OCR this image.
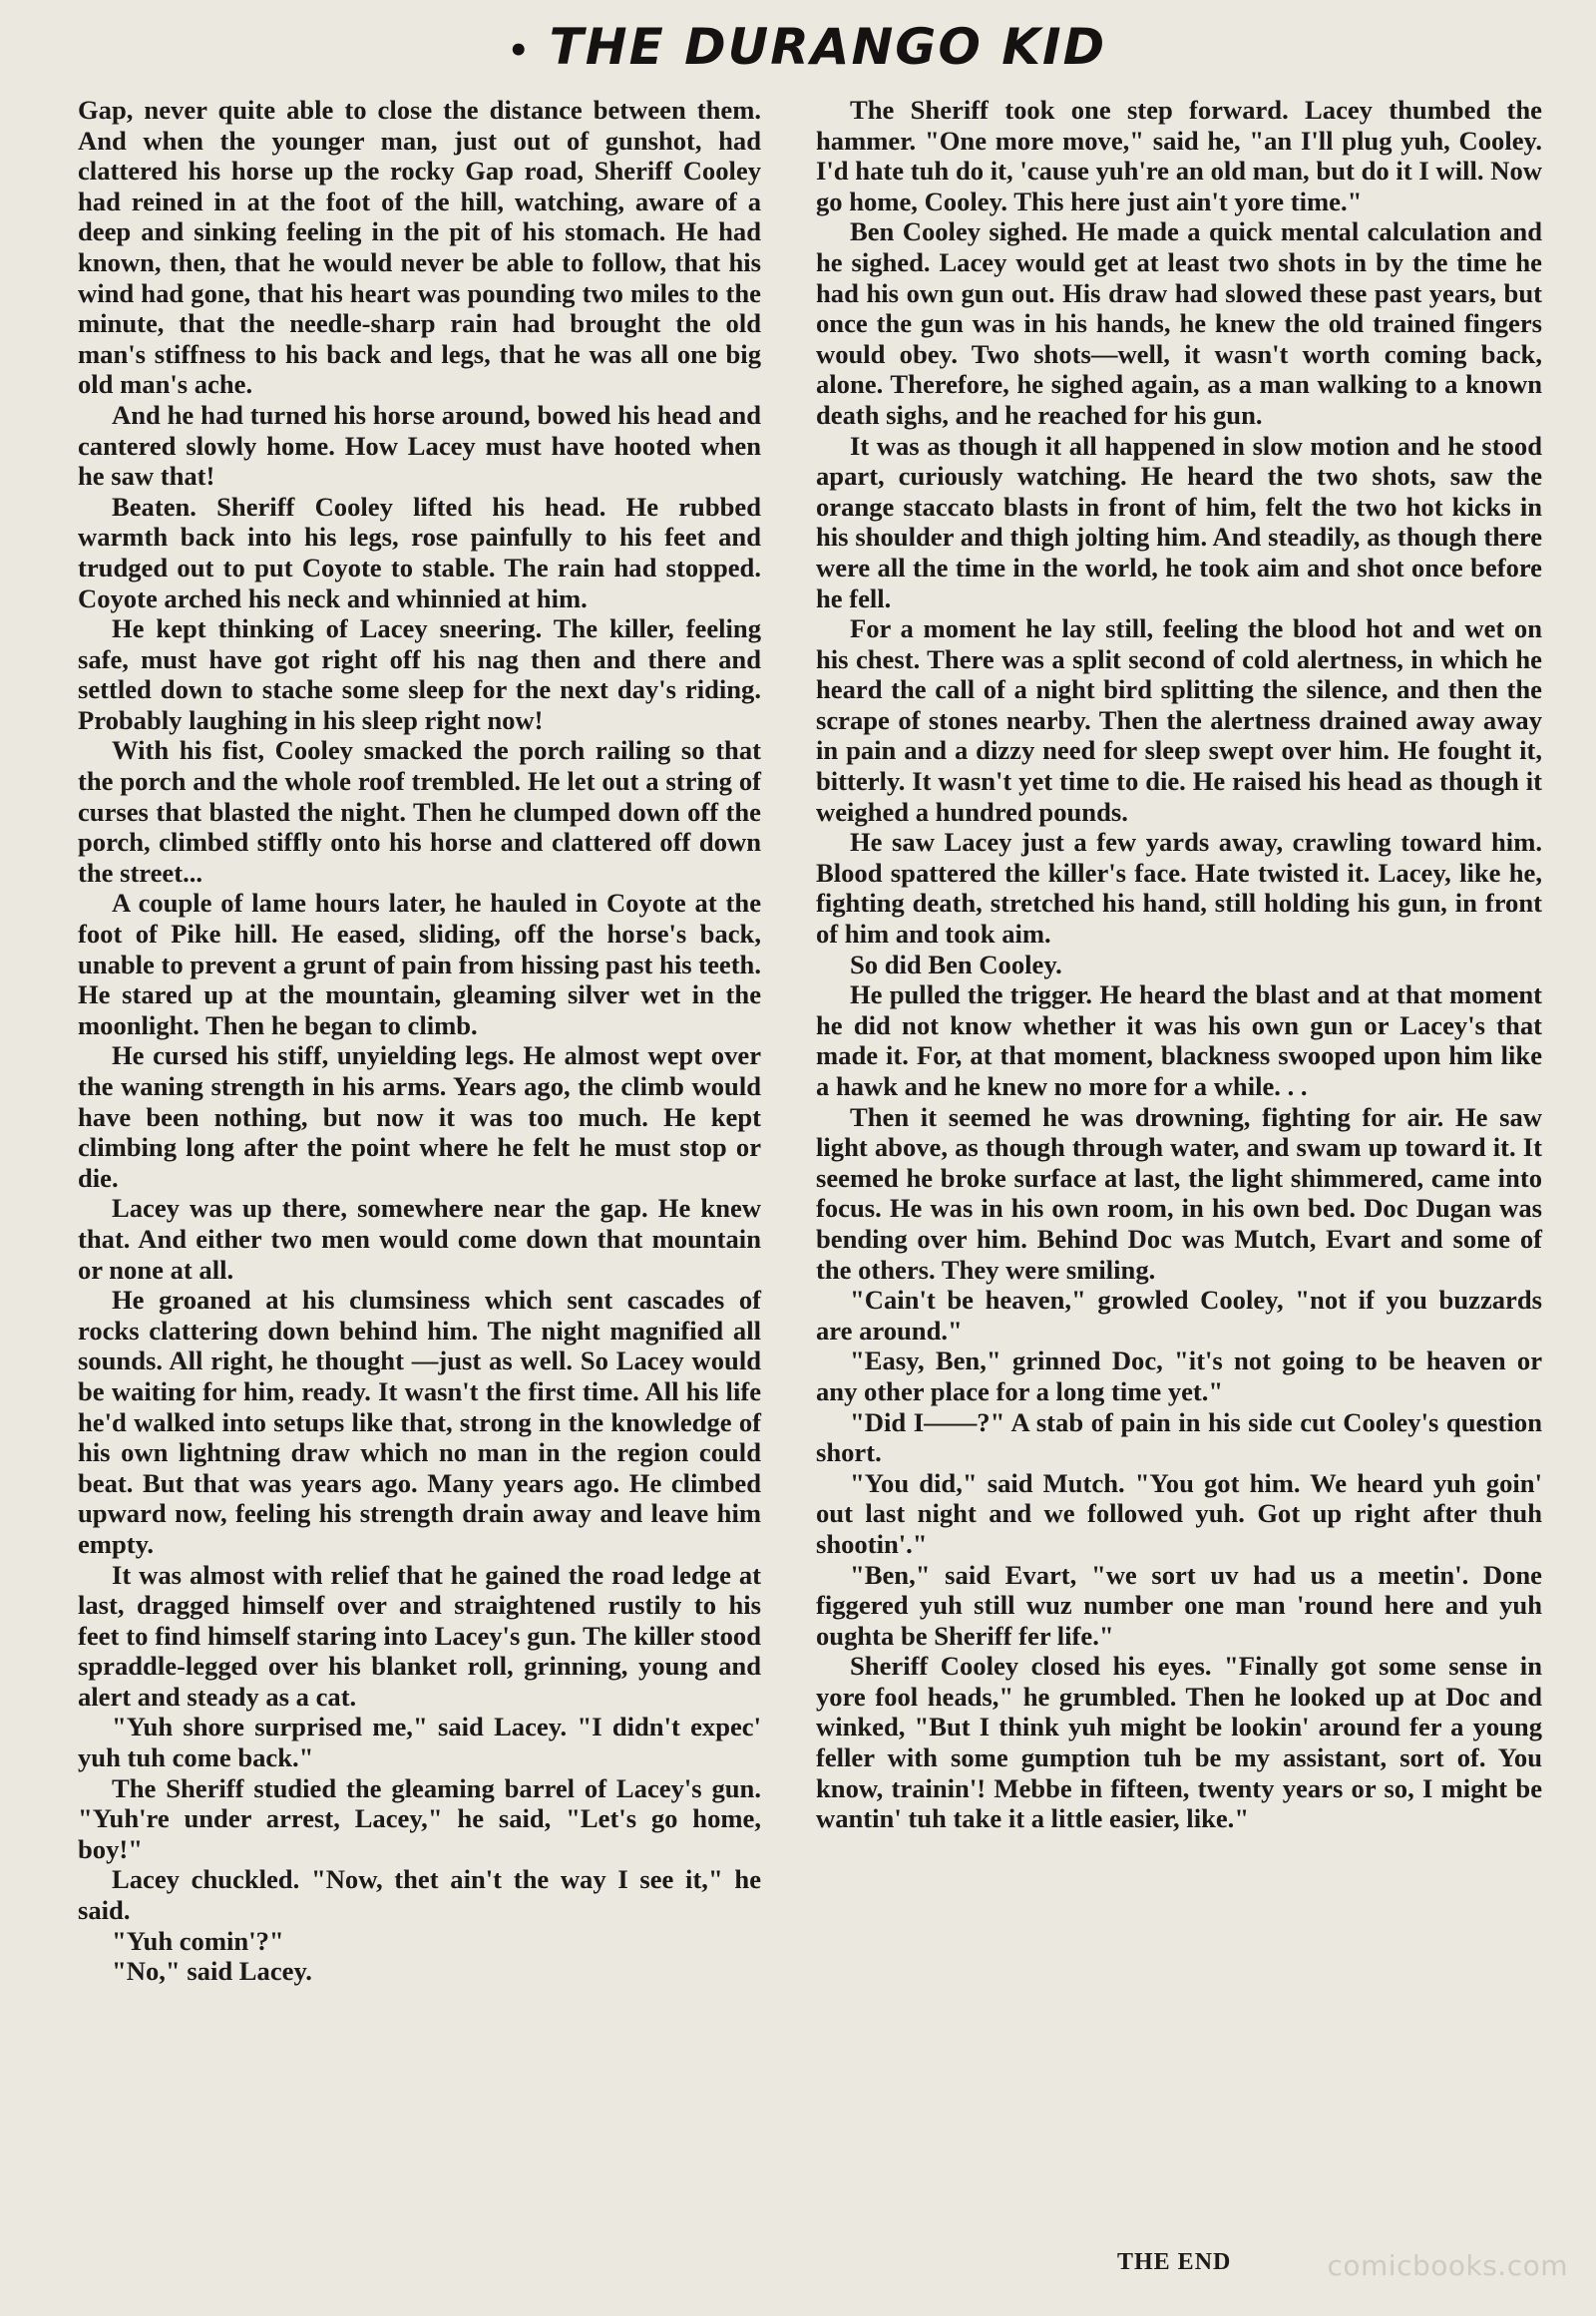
• THE DURANGO KID

Gap, never quite able to close the distance between them. And when the younger man, just out of gunshot, had clattered his horse up the rocky Gap road, Sheriff Cooley had reined in at the foot of the hill, watching, aware of a deep and sinking feeling in the pit of his stomach. He had known, then, that he would never be able to follow, that his wind had gone, that his heart was pounding two miles to the minute, that the needle-sharp rain had brought the old man's stiffness to his back and legs, that he was all one big old man's ache.

And he had turned his horse around, bowed his head and cantered slowly home. How Lacey must have hooted when he saw that!

Beaten. Sheriff Cooley lifted his head. He rubbed warmth back into his legs, rose painfully to his feet and trudged out to put Coyote to stable. The rain had stopped. Coyote arched his neck and whinnied at him.

He kept thinking of Lacey sneering. The killer, feeling safe, must have got right off his nag then and there and settled down to stache some sleep for the next day's riding. Probably laughing in his sleep right now!

With his fist, Cooley smacked the porch railing so that the porch and the whole roof trembled. He let out a string of curses that blasted the night. Then he clumped down off the porch, climbed stiffly onto his horse and clattered off down the street...

A couple of lame hours later, he hauled in Coyote at the foot of Pike hill. He eased, sliding, off the horse's back, unable to prevent a grunt of pain from hissing past his teeth. He stared up at the mountain, gleaming silver wet in the moonlight. Then he began to climb.

He cursed his stiff, unyielding legs. He almost wept over the waning strength in his arms. Years ago, the climb would have been nothing, but now it was too much. He kept climbing long after the point where he felt he must stop or die.

Lacey was up there, somewhere near the gap. He knew that. And either two men would come down that mountain or none at all.

He groaned at his clumsiness which sent cascades of rocks clattering down behind him. The night magnified all sounds. All right, he thought —just as well. So Lacey would be waiting for him, ready. It wasn't the first time. All his life he'd walked into setups like that, strong in the knowledge of his own lightning draw which no man in the region could beat. But that was years ago. Many years ago. He climbed upward now, feeling his strength drain away and leave him empty.

It was almost with relief that he gained the road ledge at last, dragged himself over and straightened rustily to his feet to find himself staring into Lacey's gun. The killer stood spraddle-legged over his blanket roll, grinning, young and alert and steady as a cat.

"Yuh shore surprised me," said Lacey. "I didn't expec' yuh tuh come back."

The Sheriff studied the gleaming barrel of Lacey's gun. "Yuh're under arrest, Lacey," he said, "Let's go home, boy!"

Lacey chuckled. "Now, thet ain't the way I see it," he said.

"Yuh comin'?"

"No," said Lacey.

The Sheriff took one step forward. Lacey thumbed the hammer. "One more move," said he, "an I'll plug yuh, Cooley. I'd hate tuh do it, 'cause yuh're an old man, but do it I will. Now go home, Cooley. This here just ain't yore time."

Ben Cooley sighed. He made a quick mental calculation and he sighed. Lacey would get at least two shots in by the time he had his own gun out. His draw had slowed these past years, but once the gun was in his hands, he knew the old trained fingers would obey. Two shots—well, it wasn't worth coming back, alone. Therefore, he sighed again, as a man walking to a known death sighs, and he reached for his gun.

It was as though it all happened in slow motion and he stood apart, curiously watching. He heard the two shots, saw the orange staccato blasts in front of him, felt the two hot kicks in his shoulder and thigh jolting him. And steadily, as though there were all the time in the world, he took aim and shot once before he fell.

For a moment he lay still, feeling the blood hot and wet on his chest. There was a split second of cold alertness, in which he heard the call of a night bird splitting the silence, and then the scrape of stones nearby. Then the alertness drained away away in pain and a dizzy need for sleep swept over him. He fought it, bitterly. It wasn't yet time to die. He raised his head as though it weighed a hundred pounds.

He saw Lacey just a few yards away, crawling toward him. Blood spattered the killer's face. Hate twisted it. Lacey, like he, fighting death, stretched his hand, still holding his gun, in front of him and took aim.

So did Ben Cooley.

He pulled the trigger. He heard the blast and at that moment he did not know whether it was his own gun or Lacey's that made it. For, at that moment, blackness swooped upon him like a hawk and he knew no more for a while. . .

Then it seemed he was drowning, fighting for air. He saw light above, as though through water, and swam up toward it. It seemed he broke surface at last, the light shimmered, came into focus. He was in his own room, in his own bed. Doc Dugan was bending over him. Behind Doc was Mutch, Evart and some of the others. They were smiling.

"Cain't be heaven," growled Cooley, "not if you buzzards are around."

"Easy, Ben," grinned Doc, "it's not going to be heaven or any other place for a long time yet."

"Did I——?" A stab of pain in his side cut Cooley's question short.

"You did," said Mutch. "You got him. We heard yuh goin' out last night and we followed yuh. Got up right after thuh shootin'."

"Ben," said Evart, "we sort uv had us a meetin'. Done figgered yuh still wuz number one man 'round here and yuh oughta be Sheriff fer life."

Sheriff Cooley closed his eyes. "Finally got some sense in yore fool heads," he grumbled. Then he looked up at Doc and winked, "But I think yuh might be lookin' around fer a young feller with some gumption tuh be my assistant, sort of. You know, trainin'! Mebbe in fifteen, twenty years or so, I might be wantin' tuh take it a little easier, like."

THE END	comicbooks.com
